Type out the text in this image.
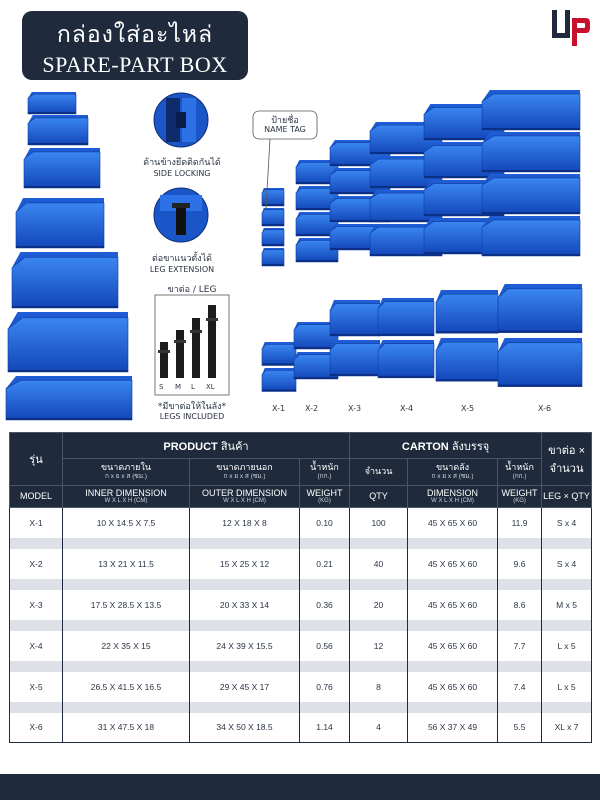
กล่องใส่อะไหล่
SPARE-PART BOX
ด้านข้างยึดติดกันได้
SIDE LOCKING
ต่อขาแนวตั้งได้
LEG EXTENSION
ขาต่อ / LEG
S M L XL
*มีขาต่อให้ในลัง*
LEGS INCLUDED
ป้ายชื่อ
NAME TAG
X-1 X-2	X-3	X-4	X-5	X-6
รุ่น	PRODUCT สินค้า			CARTON ลังบรรจุ			ขาต่อ × จำนวน
	ขนาดภายใน
ก x ย x ส (ซม.)	ขนาดภายนอก
ก x ย x ส (ซม.)	น้ำหนัก
(กก.)	จำนวน	ขนาดลัง
ก x ย x ส (ซม.)	น้ำหนัก
(กก.)	

MODEL	INNER DIMENSION
W X L X H (CM)	OUTER DIMENSION
W X L X H (CM)	WEIGHT
(KG)	QTY	DIMENSION
W X L X H (CM)	WEIGHT
(KG)	LEG × QTY
X-1	10 X 14.5 X 7.5	12 X 18 X 8	0.10	100	45 X 65 X 60	11.9	S x 4

X-2	13 X 21 X 11.5	15 X 25 X 12	0.21	40	45 X 65 X 60	9.6	S x 4

X-3	17.5 X 28.5 X 13.5	20 X 33 X 14	0.36	20	45 X 65 X 60	8.6	M x 5

X-4	22 X 35 X 15	24 X 39 X 15.5	0.56	12	45 X 65 X 60	7.7	L x 5

X-5	26.5 X 41.5 X 16.5	29 X 45 X 17	0.76	8	45 X 65 X 60	7.4	L x 5

X-6	31 X 47.5 X 18	34 X 50 X 18.5	1.14	4	56 X 37 X 49	5.5	XL x 7
